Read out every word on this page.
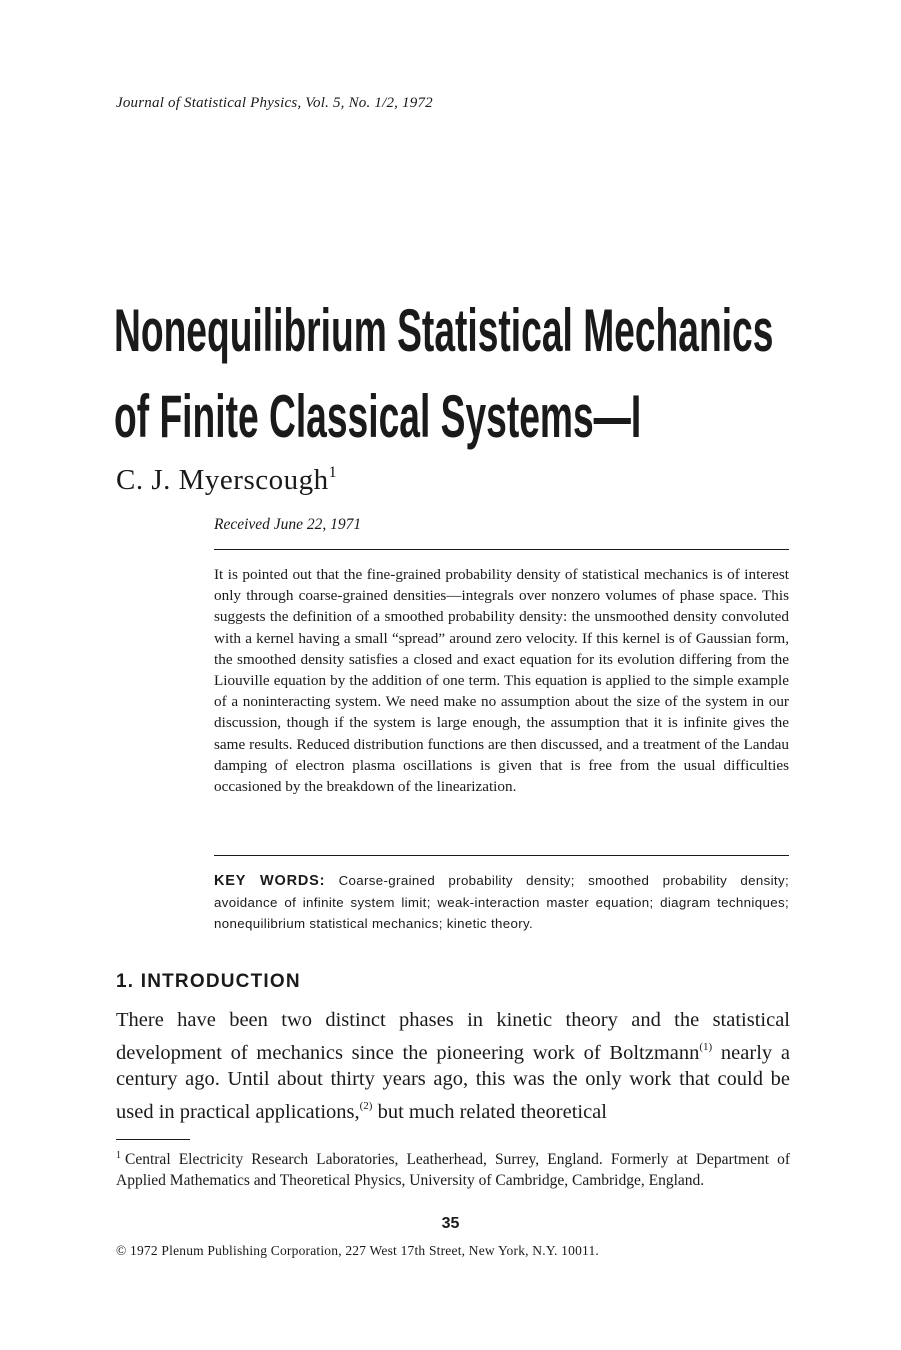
Journal of Statistical Physics, Vol. 5, No. 1/2, 1972
Nonequilibrium Statistical Mechanics
of Finite Classical Systems—I
C. J. Myerscough$^1$
Received June 22, 1971
It is pointed out that the fine-grained probability density of statistical mechanics is of interest only through coarse-grained densities—integrals over nonzero volumes of phase space. This suggests the definition of a smoothed probability density: the unsmoothed density convoluted with a kernel having a small “spread” around zero velocity. If this kernel is of Gaussian form, the smoothed density satisfies a closed and exact equation for its evolution differing from the Liouville equation by the addition of one term. This equation is applied to the simple example of a noninteracting system. We need make no assumption about the size of the system in our discussion, though if the system is large enough, the assumption that it is infinite gives the same results. Reduced distribution functions are then discussed, and a treatment of the Landau damping of electron plasma oscillations is given that is free from the usual difficulties occasioned by the breakdown of the linearization.
KEY WORDS: Coarse-grained probability density; smoothed probability density; avoidance of infinite system limit; weak-interaction master equation; diagram techniques; nonequilibrium statistical mechanics; kinetic theory.
1. INTRODUCTION
There have been two distinct phases in kinetic theory and the statistical development of mechanics since the pioneering work of Boltzmann$^{(1)}$ nearly a century ago. Until about thirty years ago, this was the only work that could be used in practical applications,$^{(2)}$ but much related theoretical
$^1$ Central Electricity Research Laboratories, Leatherhead, Surrey, England. Formerly at Department of Applied Mathematics and Theoretical Physics, University of Cambridge, Cambridge, England.
35
© 1972 Plenum Publishing Corporation, 227 West 17th Street, New York, N.Y. 10011.
